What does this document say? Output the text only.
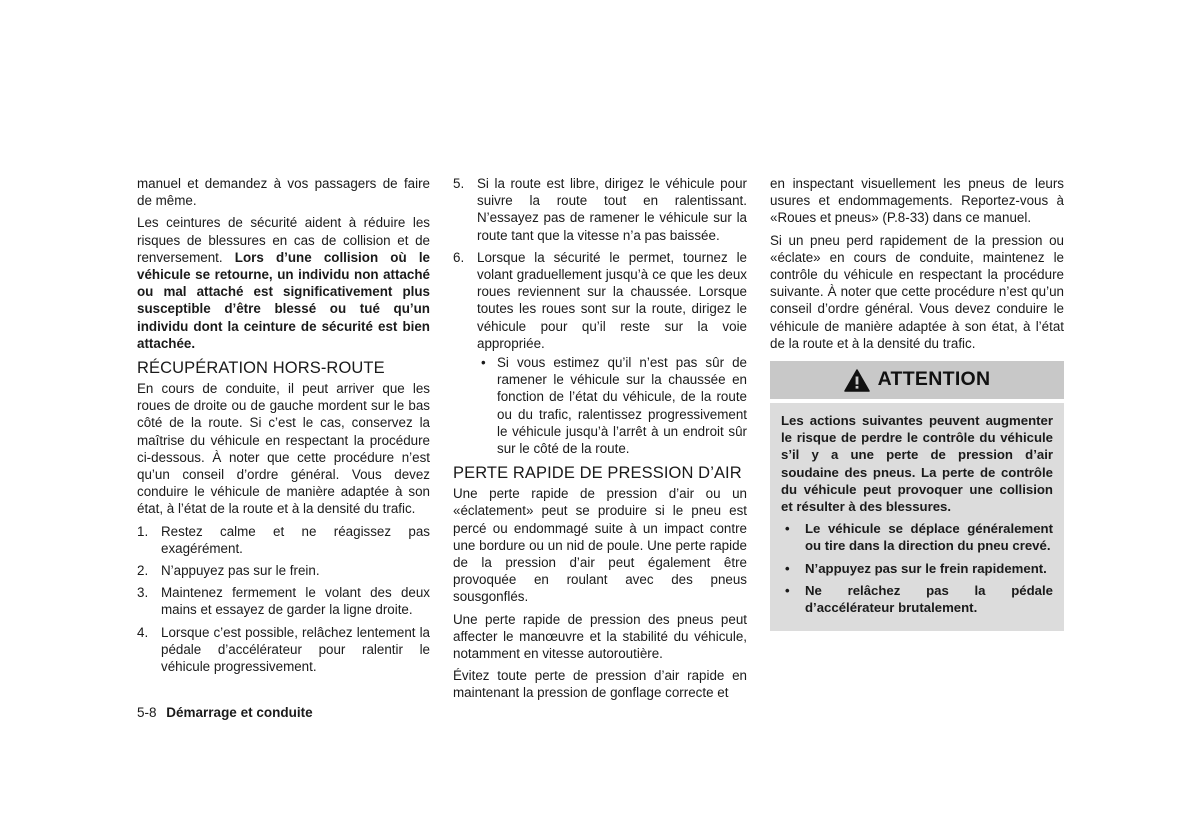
manuel et demandez à vos passagers de faire de même.

Les ceintures de sécurité aident à réduire les risques de blessures en cas de collision et de renversement. Lors d’une collision où le véhicule se retourne, un individu non attaché ou mal attaché est significativement plus susceptible d’être blessé ou tué qu’un individu dont la ceinture de sécurité est bien attachée.

RÉCUPÉRATION HORS-ROUTE

En cours de conduite, il peut arriver que les roues de droite ou de gauche mordent sur le bas côté de la route. Si c’est le cas, conservez la maîtrise du véhicule en respectant la procédure ci-dessous. À noter que cette procédure n’est qu’un conseil d’ordre général. Vous devez conduire le véhicule de manière adaptée à son état, à l’état de la route et à la densité du trafic.

1. Restez calme et ne réagissez pas exagérément.
2. N’appuyez pas sur le frein.
3. Maintenez fermement le volant des deux mains et essayez de garder la ligne droite.
4. Lorsque c’est possible, relâchez lentement la pédale d’accélérateur pour ralentir le véhicule progressivement.
5. Si la route est libre, dirigez le véhicule pour suivre la route tout en ralentissant. N’essayez pas de ramener le véhicule sur la route tant que la vitesse n’a pas baissée.
6. Lorsque la sécurité le permet, tournez le volant graduellement jusqu’à ce que les deux roues reviennent sur la chaussée. Lorsque toutes les roues sont sur la route, dirigez le véhicule pour qu’il reste sur la voie appropriée.
• Si vous estimez qu’il n’est pas sûr de ramener le véhicule sur la chaussée en fonction de l’état du véhicule, de la route ou du trafic, ralentissez progressivement le véhicule jusqu’à l’arrêt à un endroit sûr sur le côté de la route.
PERTE RAPIDE DE PRESSION D’AIR

Une perte rapide de pression d’air ou un «éclatement» peut se produire si le pneu est percé ou endommagé suite à un impact contre une bordure ou un nid de poule. Une perte rapide de la pression d’air peut également être provoquée en roulant avec des pneus sousgonflés.

Une perte rapide de pression des pneus peut affecter le manœuvre et la stabilité du véhicule, notamment en vitesse autoroutière.

Évitez toute perte de pression d’air rapide en maintenant la pression de gonflage correcte et

en inspectant visuellement les pneus de leurs usures et endommagements. Reportez-vous à «Roues et pneus» (P.8-33) dans ce manuel.

Si un pneu perd rapidement de la pression ou «éclate» en cours de conduite, maintenez le contrôle du véhicule en respectant la procédure suivante. À noter que cette procédure n’est qu’un conseil d’ordre général. Vous devez conduire le véhicule de manière adaptée à son état, à l’état de la route et à la densité du trafic.

ATTENTION

Les actions suivantes peuvent augmenter le risque de perdre le contrôle du véhicule s’il y a une perte de pression d’air soudaine des pneus. La perte de contrôle du véhicule peut provoquer une collision et résulter à des blessures.

• Le véhicule se déplace généralement ou tire dans la direction du pneu crevé.
• N’appuyez pas sur le frein rapidement.
• Ne relâchez pas la pédale d’accélérateur brutalement.
5-8 Démarrage et conduite
